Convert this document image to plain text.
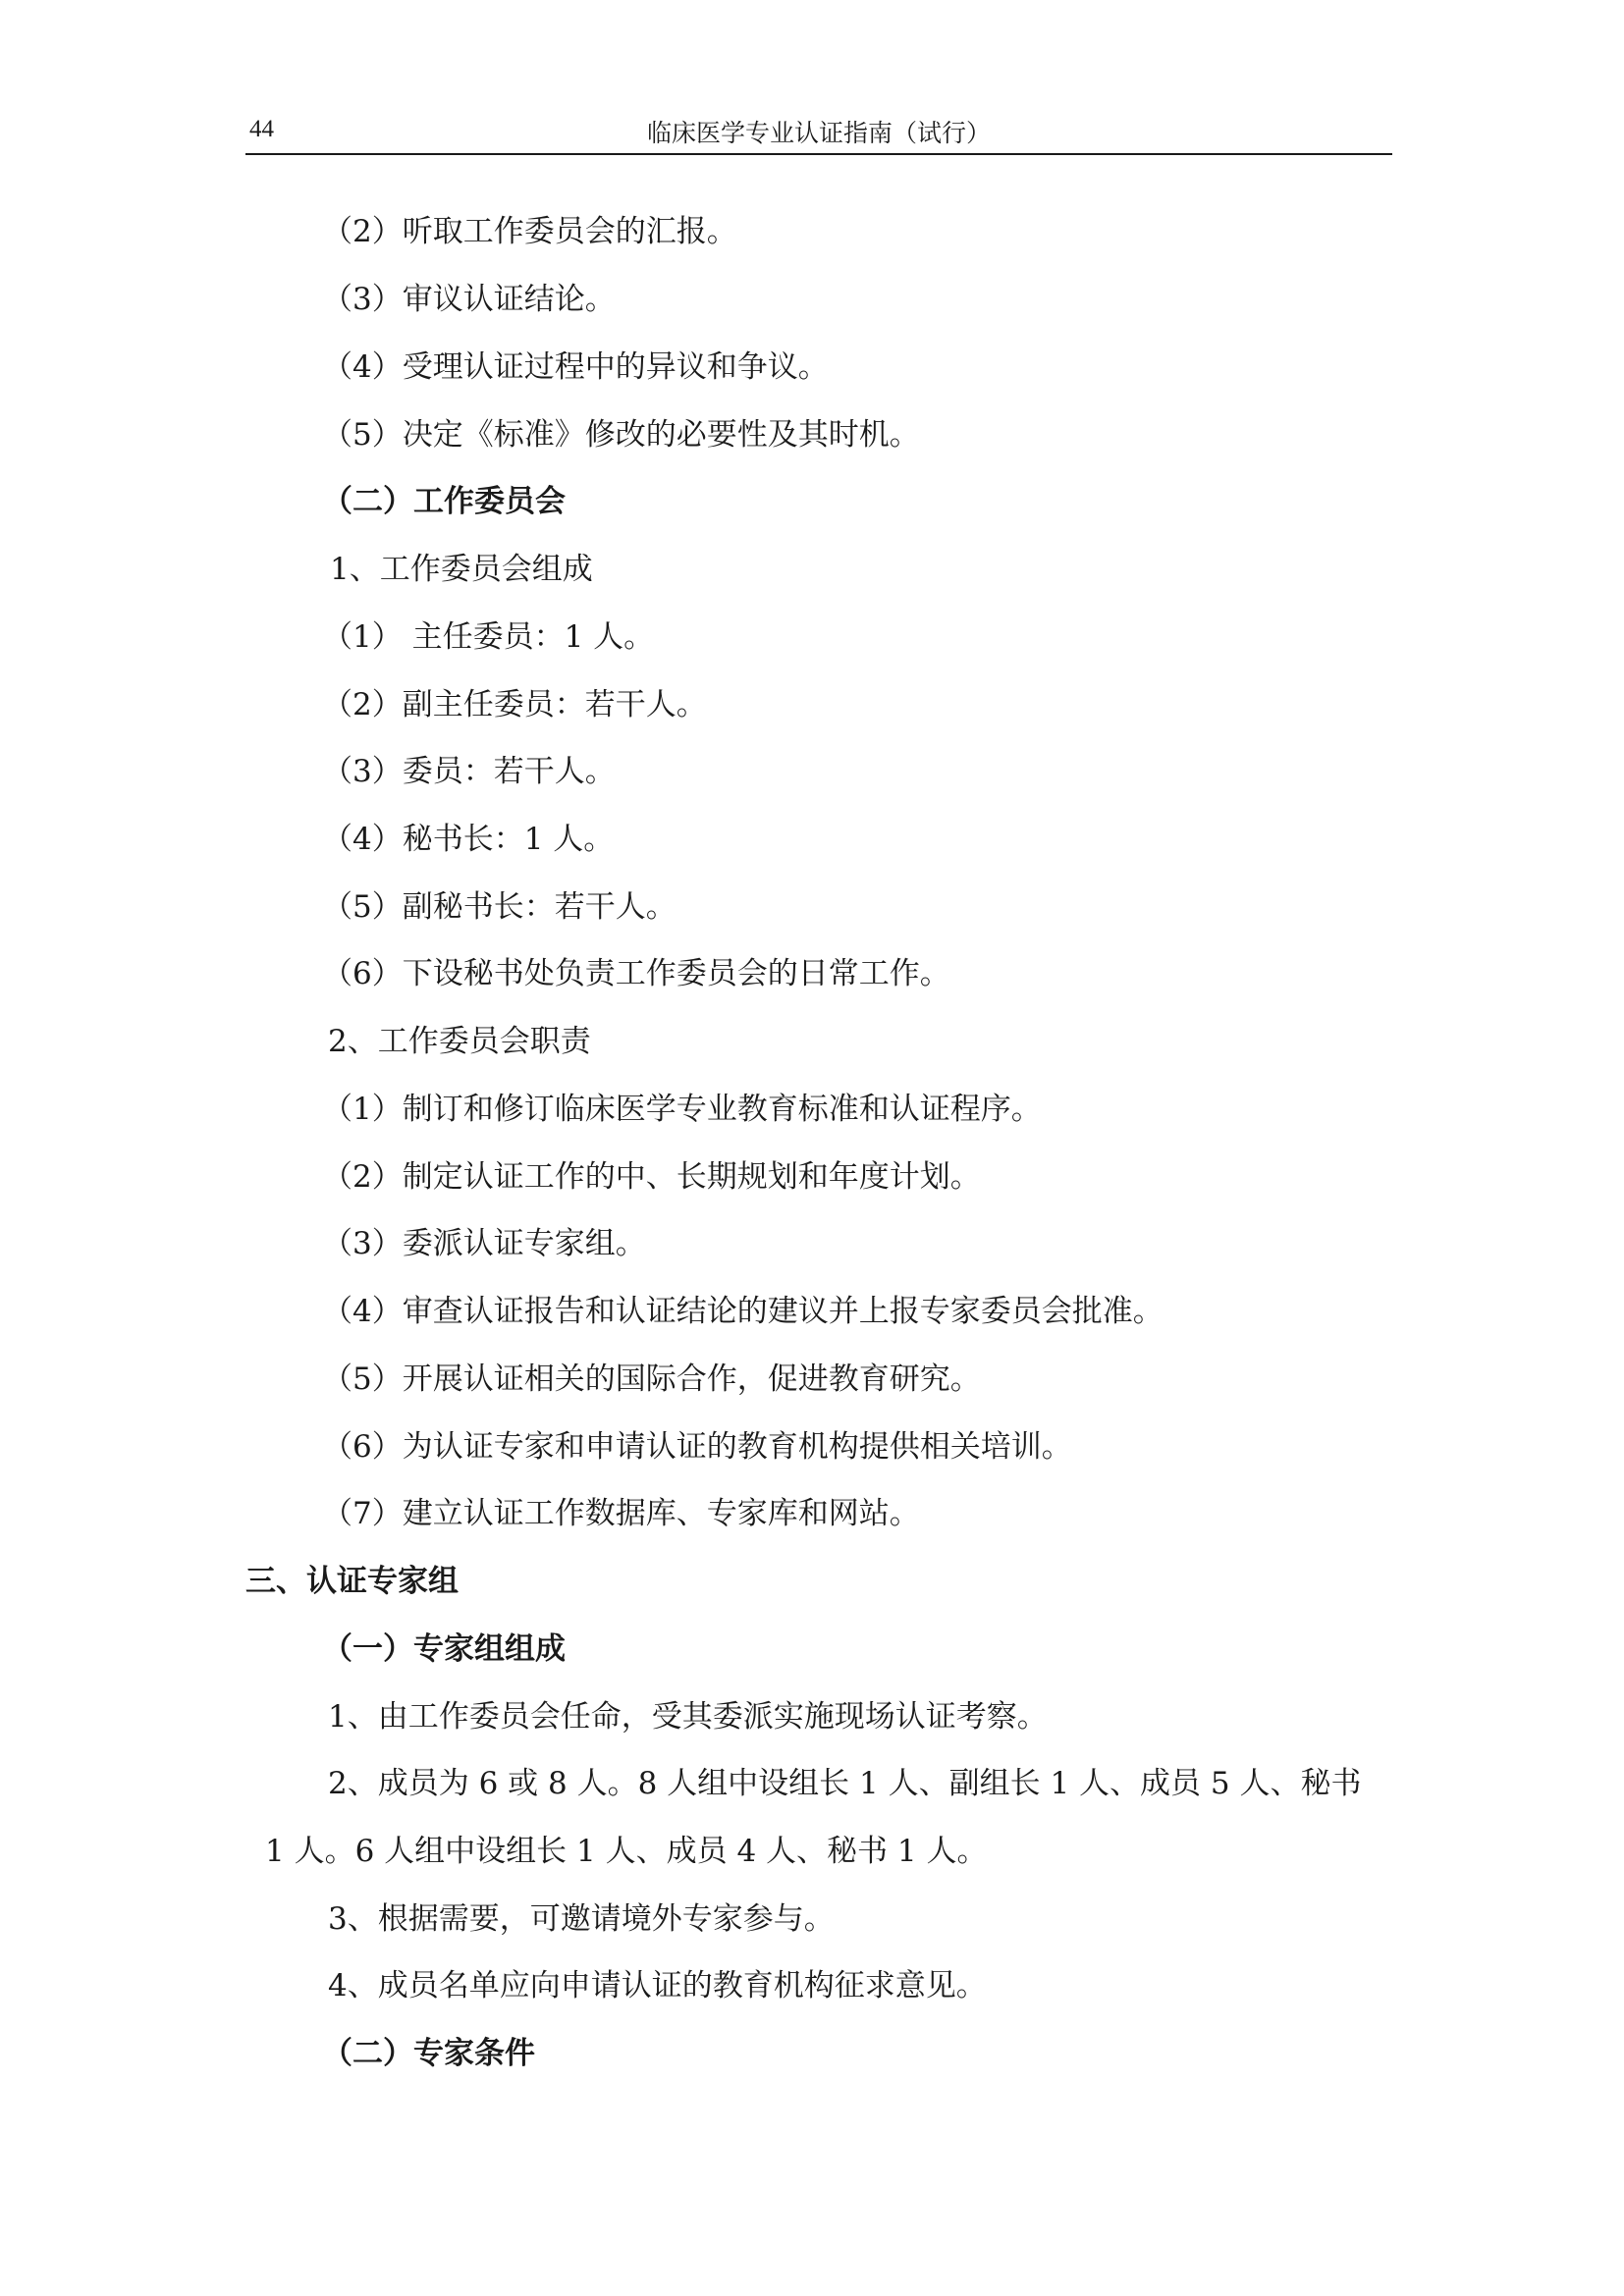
44	临床医学专业认证指南（试行）
（2）听取工作委员会的汇报。
（3）审议认证结论。
（4）受理认证过程中的异议和争议。
（5）决定《标准》修改的必要性及其时机。
（二）工作委员会
1、工作委员会组成
（1） 主任委员：1 人。
（2）副主任委员：若干人。
（3）委员：若干人。
（4）秘书长：1 人。
（5）副秘书长：若干人。
（6）下设秘书处负责工作委员会的日常工作。
2、工作委员会职责
（1）制订和修订临床医学专业教育标准和认证程序。
（2）制定认证工作的中、长期规划和年度计划。
（3）委派认证专家组。
（4）审查认证报告和认证结论的建议并上报专家委员会批准。
（5）开展认证相关的国际合作，促进教育研究。
（6）为认证专家和申请认证的教育机构提供相关培训。
（7）建立认证工作数据库、专家库和网站。
三、认证专家组
（一）专家组组成
1、由工作委员会任命，受其委派实施现场认证考察。
2、成员为 6 或 8 人。8 人组中设组长 1 人、副组长 1 人、成员 5 人、秘书
1 人。6 人组中设组长 1 人、成员 4 人、秘书 1 人。
3、根据需要，可邀请境外专家参与。
4、成员名单应向申请认证的教育机构征求意见。
（二）专家条件
